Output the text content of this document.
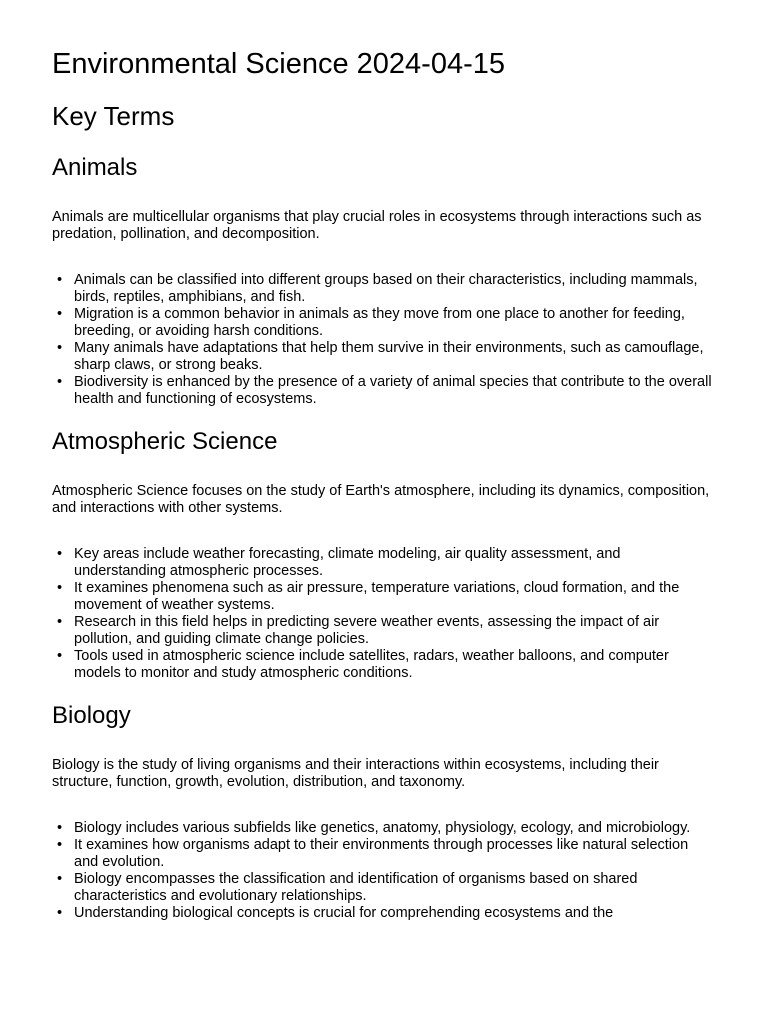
Environmental Science 2024-04-15
Key Terms
Animals

Animals are multicellular organisms that play crucial roles in ecosystems through interactions such as predation, pollination, and decomposition.

• Animals can be classified into different groups based on their characteristics, including mammals, birds, reptiles, amphibians, and fish.
• Migration is a common behavior in animals as they move from one place to another for feeding, breeding, or avoiding harsh conditions.
• Many animals have adaptations that help them survive in their environments, such as camouflage, sharp claws, or strong beaks.
• Biodiversity is enhanced by the presence of a variety of animal species that contribute to the overall health and functioning of ecosystems.
Atmospheric Science

Atmospheric Science focuses on the study of Earth's atmosphere, including its dynamics, composition, and interactions with other systems.

• Key areas include weather forecasting, climate modeling, air quality assessment, and understanding atmospheric processes.
• It examines phenomena such as air pressure, temperature variations, cloud formation, and the movement of weather systems.
• Research in this field helps in predicting severe weather events, assessing the impact of air pollution, and guiding climate change policies.
• Tools used in atmospheric science include satellites, radars, weather balloons, and computer models to monitor and study atmospheric conditions.
Biology

Biology is the study of living organisms and their interactions within ecosystems, including their structure, function, growth, evolution, distribution, and taxonomy.

• Biology includes various subfields like genetics, anatomy, physiology, ecology, and microbiology.
• It examines how organisms adapt to their environments through processes like natural selection and evolution.
• Biology encompasses the classification and identification of organisms based on shared characteristics and evolutionary relationships.
• Understanding biological concepts is crucial for comprehending ecosystems and the
